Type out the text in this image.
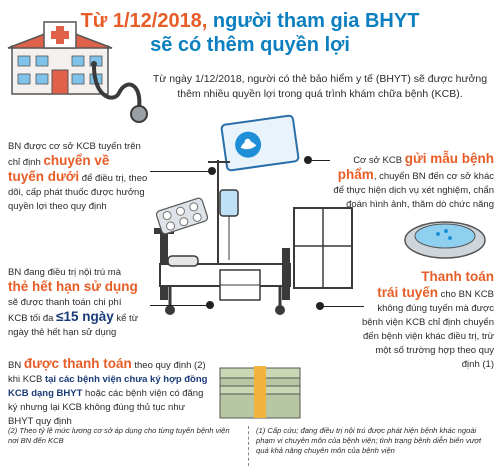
Từ 1/12/2018, người tham gia BHYT
sẽ có thêm quyền lợi
Từ ngày 1/12/2018, người có thẻ bảo hiểm y tế (BHYT) sẽ được hưởng thêm nhiều quyền lợi trong quá trình khám chữa bệnh (KCB).
BN được cơ sở KCB tuyến trên chỉ định chuyển về
tuyến dưới để điều trị, theo dõi, cấp phát thuốc được hưởng quyền lợi theo quy định
BN đang điều trị nội trú mà
thẻ hết hạn sử dụng
sẽ được thanh toán chi phí
KCB tối đa ≤15 ngày kể từ ngày thẻ hết hạn sử dụng
BN được thanh toán theo quy định (2) khi KCB tại các bệnh viện chưa ký hợp đồng KCB dạng BHYT hoặc các bệnh viện có đăng ký nhưng lại KCB không đúng thủ tục như BHYT quy định
Cơ sở KCB gửi mẫu bệnh phẩm, chuyển BN đến cơ sở khác để thực hiện dịch vụ xét nghiệm, chẩn đoán hình ảnh, thăm dò chức năng
Thanh toán
trái tuyến cho BN KCB không đúng tuyến mà được bệnh viện KCB chỉ định chuyển đến bệnh viện khác điều trị, trừ một số trường hợp theo quy định (1)
(2) Theo tỷ lệ mức lương cơ sở áp dụng cho từng tuyến bệnh viện nơi BN đến KCB
(1) Cấp cứu; đang điều trị nội trú được phát hiện bệnh khác ngoài phạm vi chuyên môn của bệnh viện; tình trạng bệnh diễn biến vượt quá khả năng chuyên môn của bệnh viện
